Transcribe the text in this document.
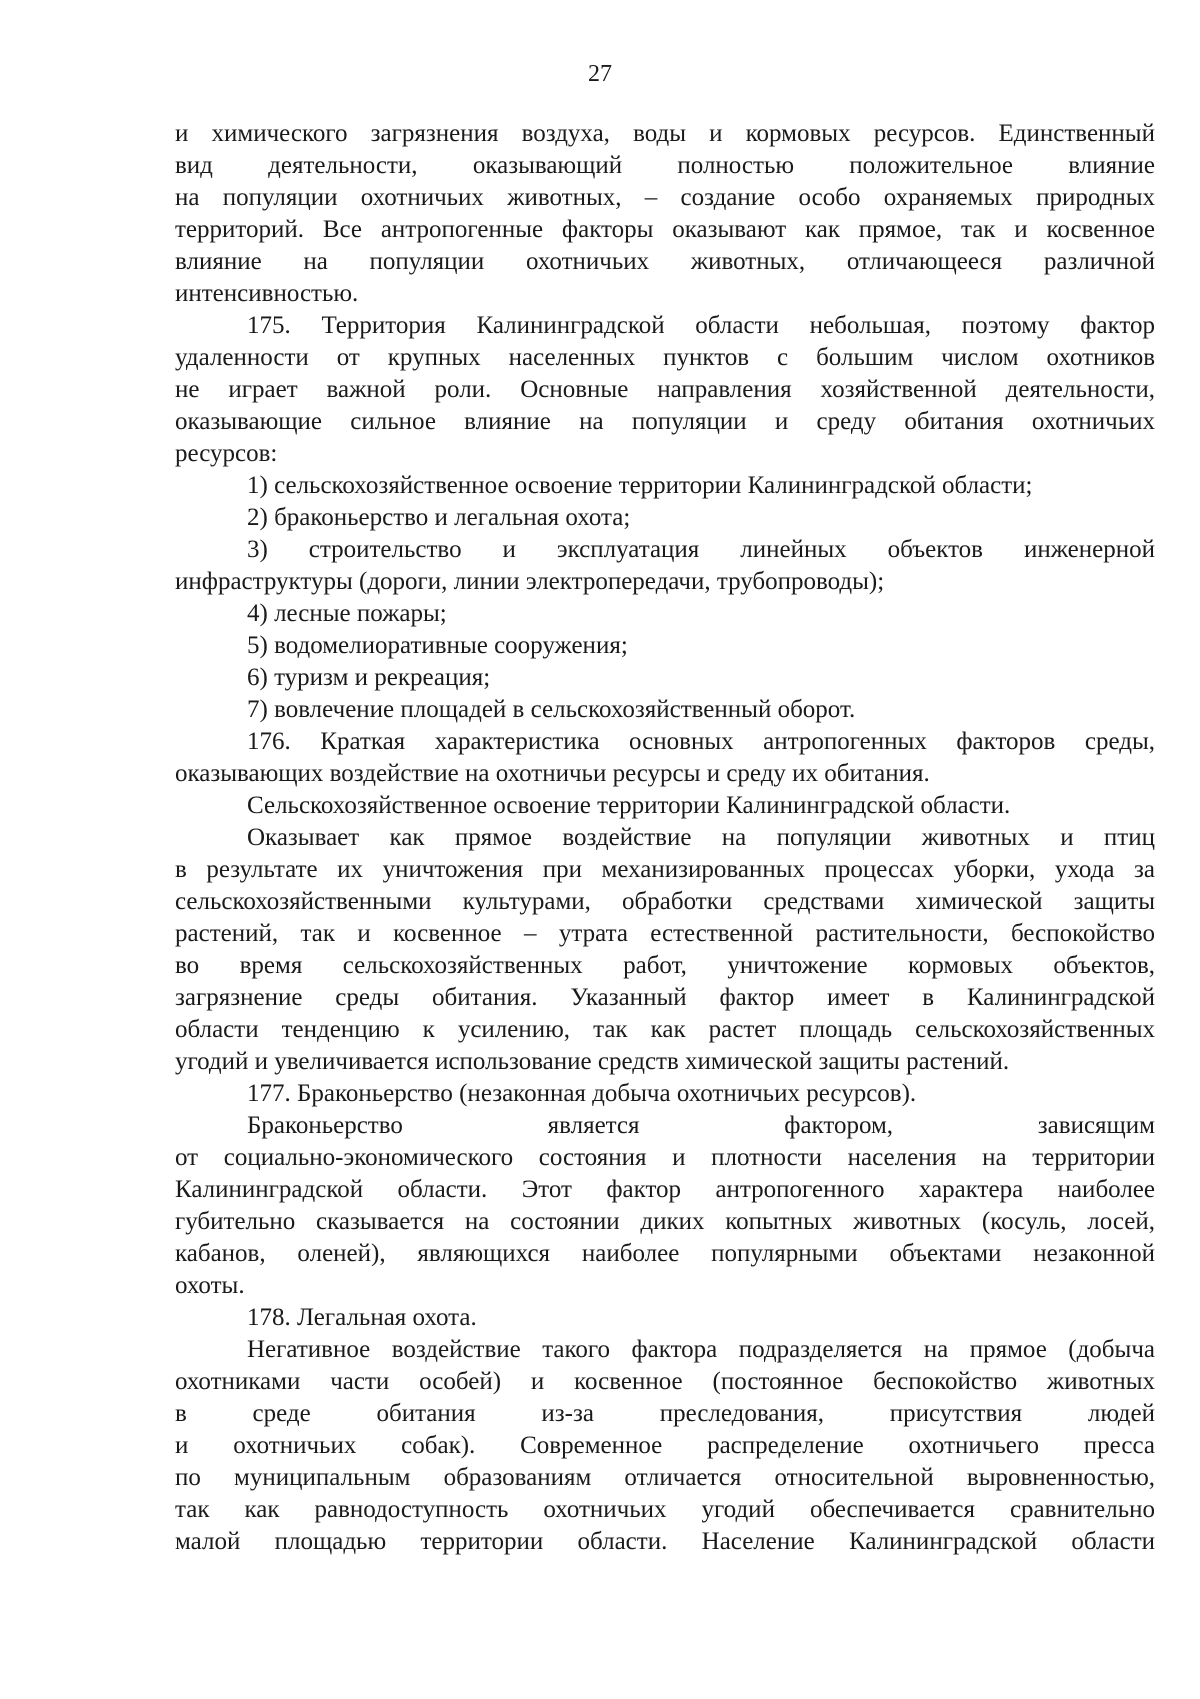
27
и химического загрязнения воздуха, воды и кормовых ресурсов. Единственный
вид деятельности, оказывающий полностью положительное влияние
на популяции охотничьих животных, – создание особо охраняемых природных
территорий. Все антропогенные факторы оказывают как прямое, так и косвенное
влияние на популяции охотничьих животных, отличающееся различной
интенсивностью.
175. Территория Калининградской области небольшая, поэтому фактор
удаленности от крупных населенных пунктов с большим числом охотников
не играет важной роли. Основные направления хозяйственной деятельности,
оказывающие сильное влияние на популяции и среду обитания охотничьих
ресурсов:
1) сельскохозяйственное освоение территории Калининградской области;
2) браконьерство и легальная охота;
3) строительство и эксплуатация линейных объектов инженерной
инфраструктуры (дороги, линии электропередачи, трубопроводы);
4) лесные пожары;
5) водомелиоративные сооружения;
6) туризм и рекреация;
7) вовлечение площадей в сельскохозяйственный оборот.
176. Краткая характеристика основных антропогенных факторов среды,
оказывающих воздействие на охотничьи ресурсы и среду их обитания.
Сельскохозяйственное освоение территории Калининградской области.
Оказывает как прямое воздействие на популяции животных и птиц
в результате их уничтожения при механизированных процессах уборки, ухода за
сельскохозяйственными культурами, обработки средствами химической защиты
растений, так и косвенное – утрата естественной растительности, беспокойство
во время сельскохозяйственных работ, уничтожение кормовых объектов,
загрязнение среды обитания. Указанный фактор имеет в Калининградской
области тенденцию к усилению, так как растет площадь сельскохозяйственных
угодий и увеличивается использование средств химической защиты растений.
177. Браконьерство (незаконная добыча охотничьих ресурсов).
Браконьерство является фактором, зависящим
от социально-экономического состояния и плотности населения на территории
Калининградской области. Этот фактор антропогенного характера наиболее
губительно сказывается на состоянии диких копытных животных (косуль, лосей,
кабанов, оленей), являющихся наиболее популярными объектами незаконной
охоты.
178. Легальная охота.
Негативное воздействие такого фактора подразделяется на прямое (добыча
охотниками части особей) и косвенное (постоянное беспокойство животных
в среде обитания из-за преследования, присутствия людей
и охотничьих собак). Современное распределение охотничьего пресса
по муниципальным образованиям отличается относительной выровненностью,
так как равнодоступность охотничьих угодий обеспечивается сравнительно
малой площадью территории области. Население Калининградской области
